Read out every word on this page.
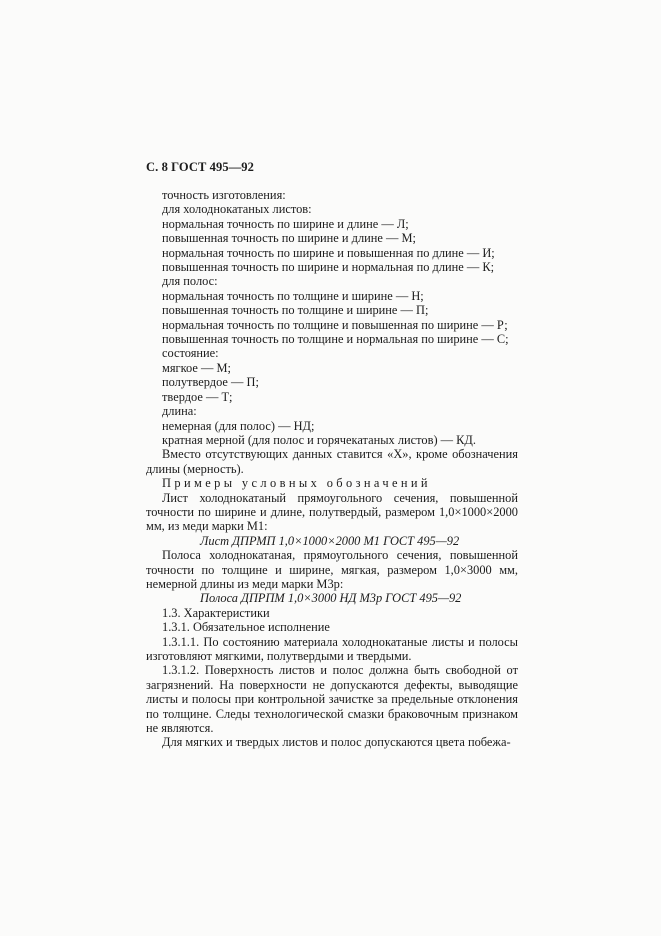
С. 8 ГОСТ 495—92
точность изготовления:
для холоднокатаных листов:
нормальная точность по ширине и длине — Л;
повышенная точность по ширине и длине — М;
нормальная точность по ширине и повышенная по длине — И;
повышенная точность по ширине и нормальная по длине — К;
для полос:
нормальная точность по толщине и ширине — Н;
повышенная точность по толщине и ширине — П;
нормальная точность по толщине и повышенная по ширине — Р;
повышенная точность по толщине и нормальная по ширине — С;
состояние:
мягкое — М;
полутвердое — П;
твердое — Т;
длина:
немерная (для полос) — НД;
кратная мерной (для полос и горячекатаных листов) — КД.
Вместо отсутствующих данных ставится «Х», кроме обозначения длины (мерность).
Примеры условных обозначений
Лист холоднокатаный прямоугольного сечения, повышенной точности по ширине и длине, полутвердый, размером 1,0×1000×2000 мм, из меди марки М1:
Лист ДПРМП 1,0×1000×2000 М1 ГОСТ 495—92
Полоса холоднокатаная, прямоугольного сечения, повышенной точности по толщине и ширине, мягкая, размером 1,0×3000 мм, немерной длины из меди марки М3р:
Полоса ДПРПМ 1,0×3000 НД М3р ГОСТ 495—92
1.3. Характеристики
1.3.1. Обязательное исполнение
1.3.1.1. По состоянию материала холоднокатаные листы и полосы изготовляют мягкими, полутвердыми и твердыми.
1.3.1.2. Поверхность листов и полос должна быть свободной от загрязнений. На поверхности не допускаются дефекты, выводящие листы и полосы при контрольной зачистке за предельные отклонения по толщине. Следы технологической смазки браковочным признаком не являются.
Для мягких и твердых листов и полос допускаются цвета побежа-
